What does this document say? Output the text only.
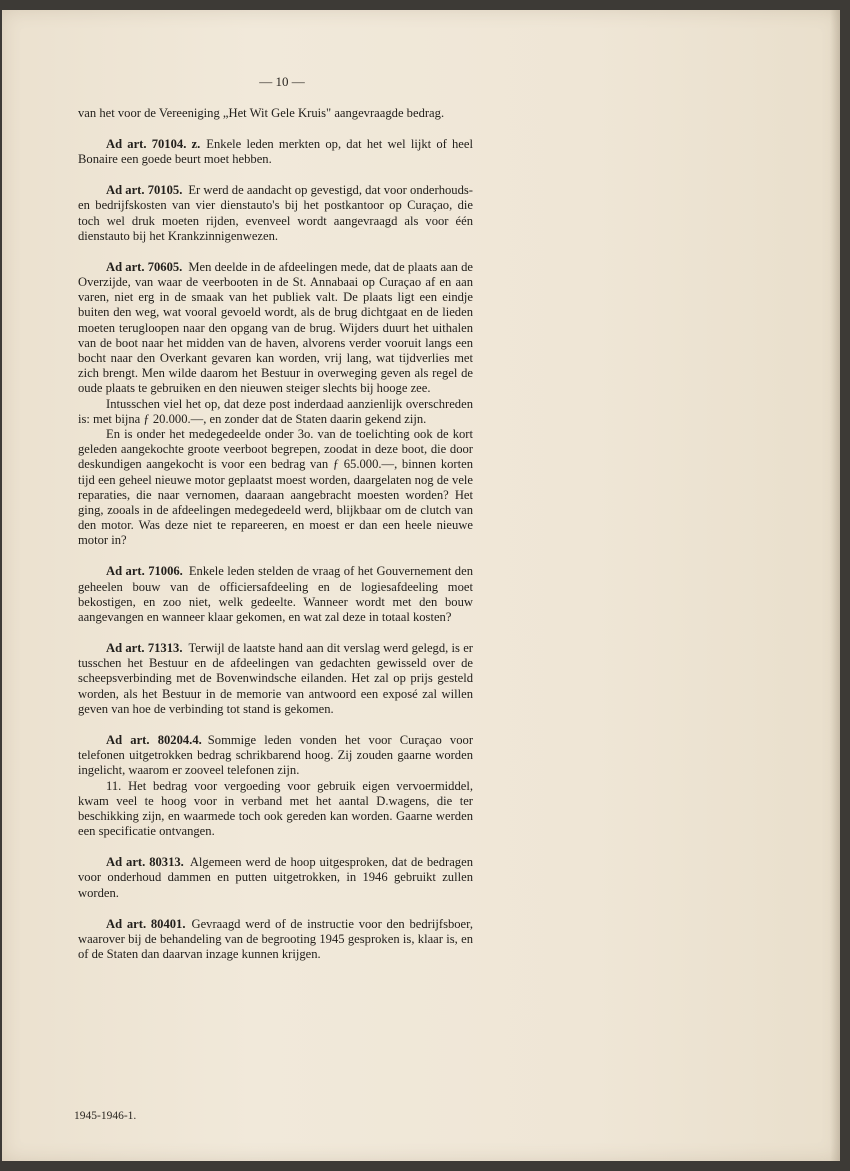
— 10 —

van het voor de Vereeniging „Het Wit Gele Kruis" aangevraagde bedrag.

Ad art. 70104. z. Enkele leden merkten op, dat het wel lijkt of heel Bonaire een goede beurt moet hebben.

Ad art. 70105. Er werd de aandacht op gevestigd, dat voor onderhouds- en bedrijfskosten van vier dienstauto's bij het postkantoor op Curaçao, die toch wel druk moeten rijden, evenveel wordt aangevraagd als voor één dienstauto bij het Krankzinnigenwezen.

Ad art. 70605. Men deelde in de afdeelingen mede, dat de plaats aan de Overzijde, van waar de veerbooten in de St. Annabaai op Curaçao af en aan varen, niet erg in de smaak van het publiek valt. De plaats ligt een eindje buiten den weg, wat vooral gevoeld wordt, als de brug dichtgaat en de lieden moeten terugloopen naar den opgang van de brug. Wijders duurt het uithalen van de boot naar het midden van de haven, alvorens verder vooruit langs een bocht naar den Overkant gevaren kan worden, vrij lang, wat tijdverlies met zich brengt. Men wilde daarom het Bestuur in overweging geven als regel de oude plaats te gebruiken en den nieuwen steiger slechts bij hooge zee.

Intusschen viel het op, dat deze post inderdaad aanzienlijk overschreden is: met bijna ƒ 20.000.—, en zonder dat de Staten daarin gekend zijn.

En is onder het medegedeelde onder 3o. van de toelichting ook de kort geleden aangekochte groote veerboot begrepen, zoodat in deze boot, die door deskundigen aangekocht is voor een bedrag van ƒ 65.000.—, binnen korten tijd een geheel nieuwe motor geplaatst moest worden, daargelaten nog de vele reparaties, die naar vernomen, daaraan aangebracht moesten worden? Het ging, zooals in de afdeelingen medegedeeld werd, blijkbaar om de clutch van den motor. Was deze niet te repareeren, en moest er dan een heele nieuwe motor in?

Ad art. 71006. Enkele leden stelden de vraag of het Gouvernement den geheelen bouw van de officiersafdeeling en de logiesafdeeling moet bekostigen, en zoo niet, welk gedeelte. Wanneer wordt met den bouw aangevangen en wanneer klaar gekomen, en wat zal deze in totaal kosten?

Ad art. 71313. Terwijl de laatste hand aan dit verslag werd gelegd, is er tusschen het Bestuur en de afdeelingen van gedachten gewisseld over de scheepsverbinding met de Bovenwindsche eilanden. Het zal op prijs gesteld worden, als het Bestuur in de memorie van antwoord een exposé zal willen geven van hoe de verbinding tot stand is gekomen.

Ad art. 80204.4. Sommige leden vonden het voor Curaçao voor telefonen uitgetrokken bedrag schrikbarend hoog. Zij zouden gaarne worden ingelicht, waarom er zooveel telefonen zijn.

11. Het bedrag voor vergoeding voor gebruik eigen vervoermiddel, kwam veel te hoog voor in verband met het aantal D.wagens, die ter beschikking zijn, en waarmede toch ook gereden kan worden. Gaarne werden een specificatie ontvangen.

Ad art. 80313. Algemeen werd de hoop uitgesproken, dat de bedragen voor onderhoud dammen en putten uitgetrokken, in 1946 gebruikt zullen worden.

Ad art. 80401. Gevraagd werd of de instructie voor den bedrijfsboer, waarover bij de behandeling van de begrooting 1945 gesproken is, klaar is, en of de Staten dan daarvan inzage kunnen krijgen.

1945-1946-1.
